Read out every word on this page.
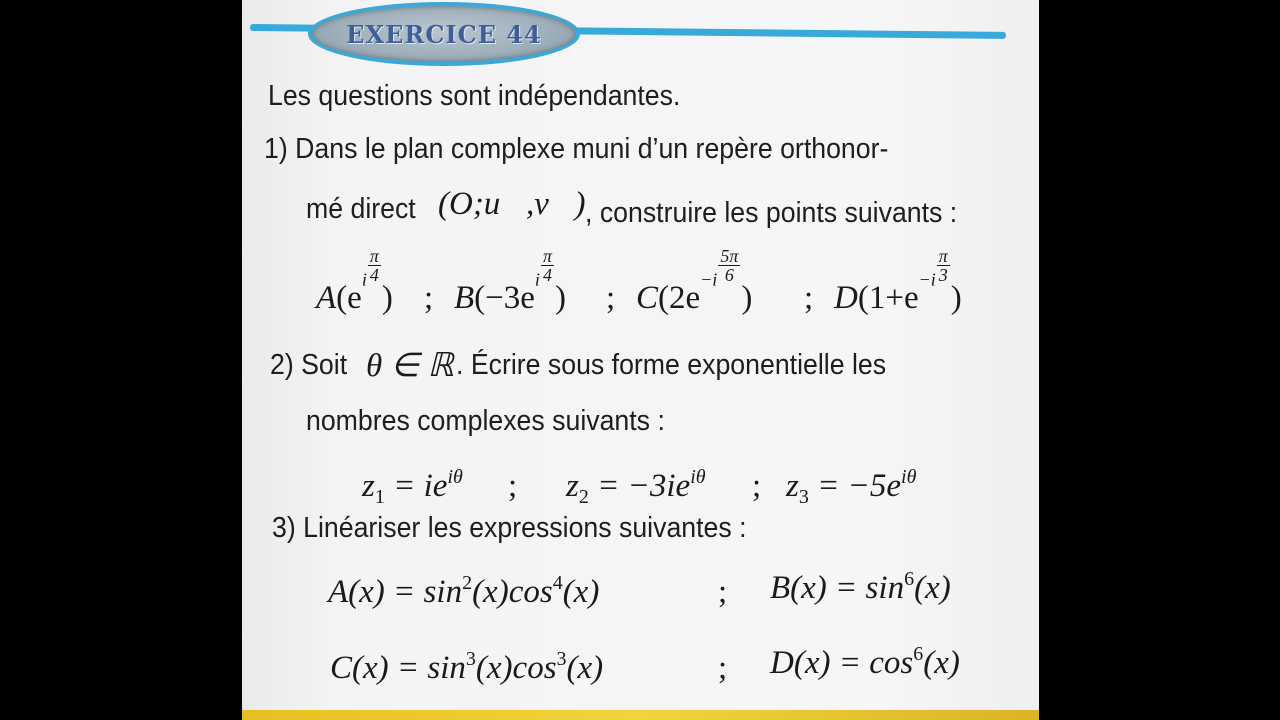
EXERCICE 44

Les questions sont indépendantes.

1) Dans le plan complexe muni d’un repère orthonor-

mé direct (O;u⃗,v⃗) , construire les points suivants :

$A(ei \frac{\pi}{4}$
) ; $B(-3ei \frac{\pi}{4}$
) ; $C(2e-i \frac{5\pi}{6}$
) ; $D(1+e-i \frac{\pi}{3}$
)

2) Soit θ ∈ ℝ . Écrire sous forme exponentielle les

nombres complexes suivants :

$z_1 = ie^{i\theta}$ ; $z_2 = -3ie^{i\theta}$ ; $z_3 = -5e^{i\theta}$

3) Linéariser les expressions suivantes :

$A(x) = \sin^2(x)\cos^4(x)$	; $B(x) = \sin^6(x)$
$C(x) = \sin^3(x)\cos^3(x)$	; $D(x) = \cos^6(x)$
